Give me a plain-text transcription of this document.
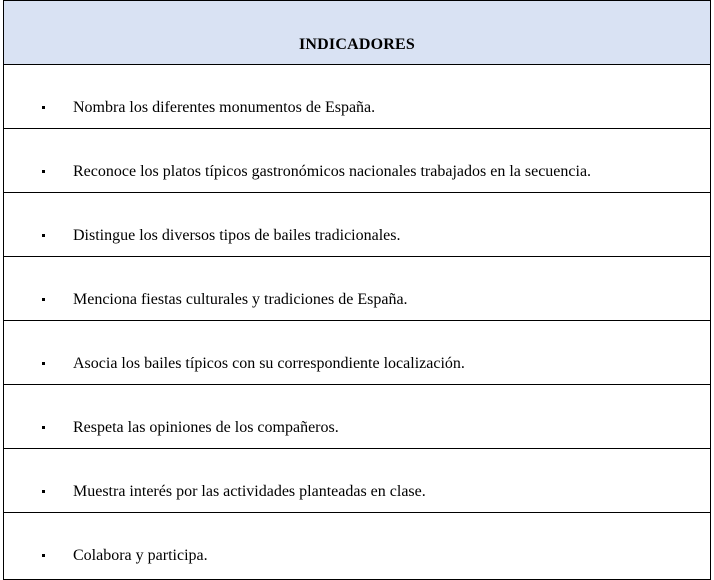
INDICADORES
Nombra los diferentes monumentos de España.
Reconoce los platos típicos gastronómicos nacionales trabajados en la secuencia.
Distingue los diversos tipos de bailes tradicionales.
Menciona fiestas culturales y tradiciones de España.
Asocia los bailes típicos con su correspondiente localización.
Respeta las opiniones de los compañeros.
Muestra interés por las actividades planteadas en clase.
Colabora y participa.
